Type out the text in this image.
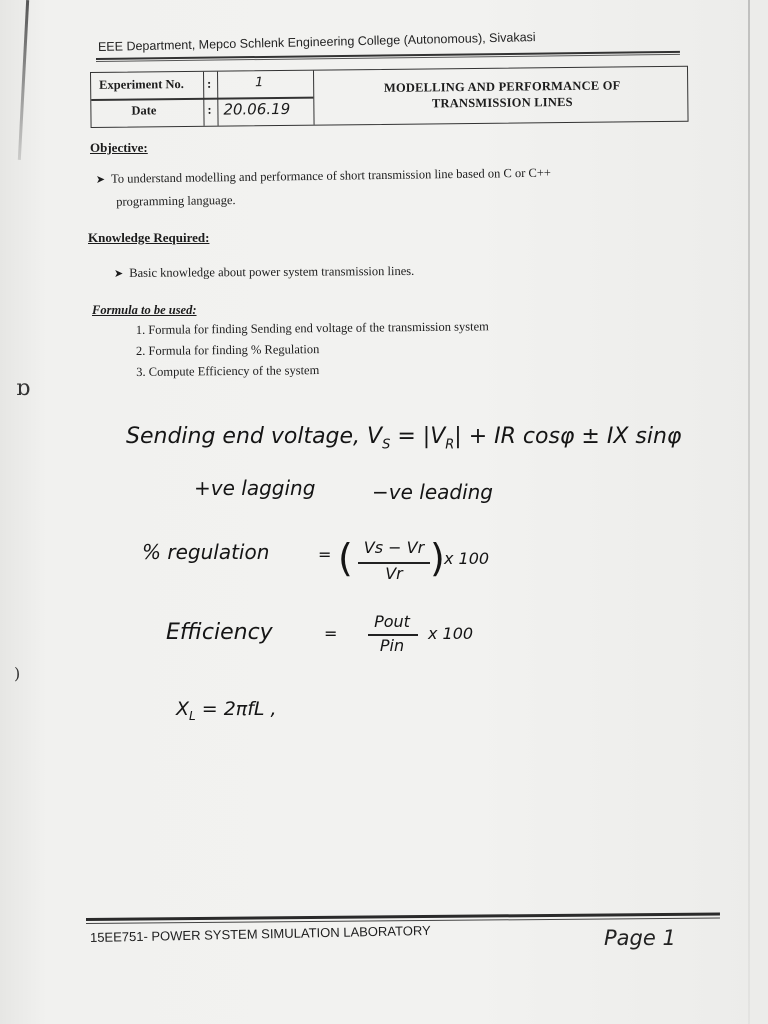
ɒ
)
EEE Department, Mepco Schlenk Engineering College (Autonomous), Sivakasi
Experiment No. :	1
Date	: 20.06.19
MODELLING AND PERFORMANCE OF
TRANSMISSION LINES
Objective:
➤ To understand modelling and performance of short transmission line based on C or C++
programming language.
Knowledge Required:
➤ Basic knowledge about power system transmission lines.
Formula to be used:
1. Formula for finding Sending end voltage of the transmission system
2. Formula for finding % Regulation
3. Compute Efficiency of the system
Sending end voltage, $V_S = |V_R|$ + IR cosφ ± IX sinφ
+ve lagging	−ve leading
% regulation	= ( Vs − Vr
Vr ) x 100
Efficiency	=
Pout
Pin
x 100
$X_L = 2\pi fL$ ,
15EE751- POWER SYSTEM SIMULATION LABORATORY	Page 1
